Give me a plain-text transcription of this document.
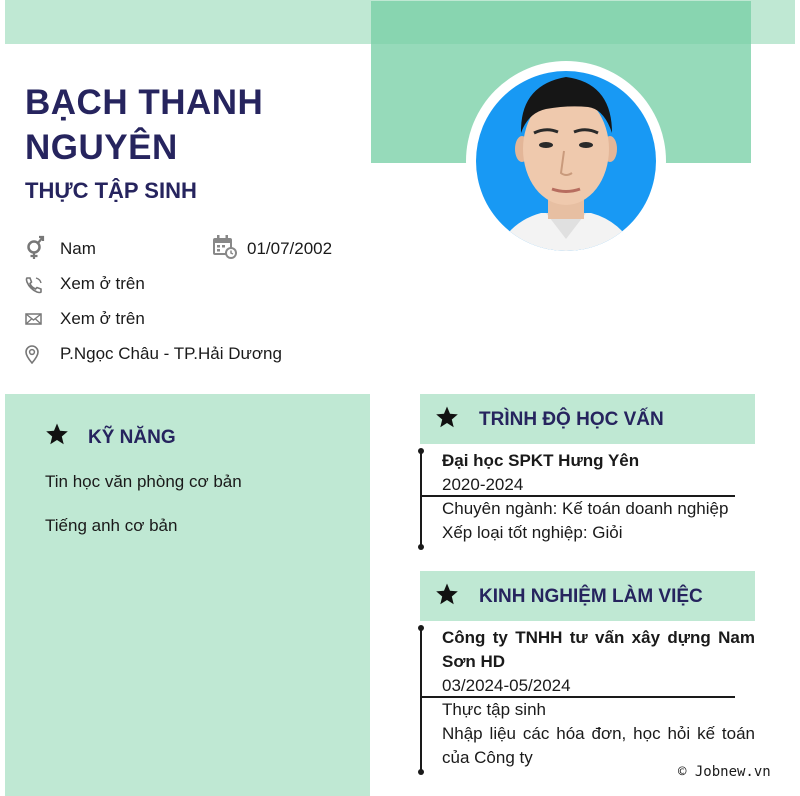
BẠCH THANH
NGUYÊN
THỰC TẬP SINH
Nam	01/07/2002
Xem ở trên
Xem ở trên
P.Ngọc Châu - TP.Hải Dương
KỸ NĂNG
Tin học văn phòng cơ bản
Tiếng anh cơ bản
TRÌNH ĐỘ HỌC VẤN
Đại học SPKT Hưng Yên
2020-2024
Chuyên ngành: Kế toán doanh nghiệp
Xếp loại tốt nghiệp: Giỏi
KINH NGHIỆM LÀM VIỆC
Công ty TNHH tư vấn xây dựng Nam Sơn HD
03/2024-05/2024
Thực tập sinh
Nhập liệu các hóa đơn, học hỏi kế toán của Công ty
© Jobnew.vn
